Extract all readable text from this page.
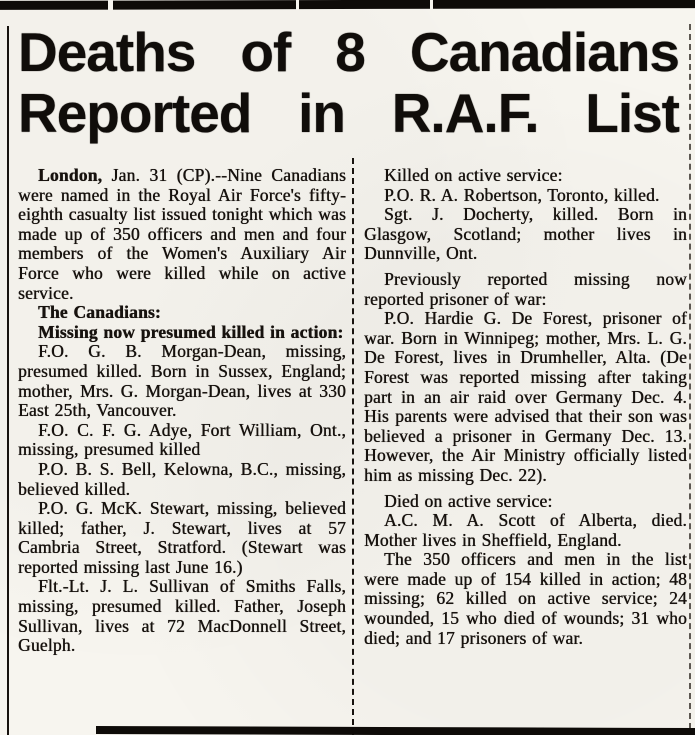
Deaths of 8 Canadians
Reported in R.A.F. List

London, Jan. 31 (CP).--Nine Canadians were named in the Royal Air Force's fifty-eighth casualty list issued tonight which was made up of 350 officers and men and four members of the Women's Auxiliary Air Force who were killed while on active service.

The Canadians:

Missing now presumed killed in action:

F.O. G. B. Morgan-Dean, missing, presumed killed. Born in Sussex, England; mother, Mrs. G. Morgan-Dean, lives at 330 East 25th, Vancouver.

F.O. C. F. G. Adye, Fort William, Ont., missing, presumed killed

P.O. B. S. Bell, Kelowna, B.C., missing, believed killed.

P.O. G. McK. Stewart, missing, believed killed; father, J. Stewart, lives at 57 Cambria Street, Stratford. (Stewart was reported missing last June 16.)

Flt.-Lt. J. L. Sullivan of Smiths Falls, missing, presumed killed. Father, Joseph Sullivan, lives at 72 MacDonnell Street, Guelph.

Killed on active service:

P.O. R. A. Robertson, Toronto, killed.

Sgt. J. Docherty, killed. Born in Glasgow, Scotland; mother lives in Dunnville, Ont.

Previously reported missing now reported prisoner of war:

P.O. Hardie G. De Forest, prisoner of war. Born in Winnipeg; mother, Mrs. L. G. De Forest, lives in Drumheller, Alta. (De Forest was reported missing after taking part in an air raid over Germany Dec. 4. His parents were advised that their son was believed a prisoner in Germany Dec. 13. However, the Air Ministry officially listed him as missing Dec. 22).

Died on active service:

A.C. M. A. Scott of Alberta, died. Mother lives in Sheffield, England.

The 350 officers and men in the list were made up of 154 killed in action; 48 missing; 62 killed on active service; 24 wounded, 15 who died of wounds; 31 who died; and 17 prisoners of war.
